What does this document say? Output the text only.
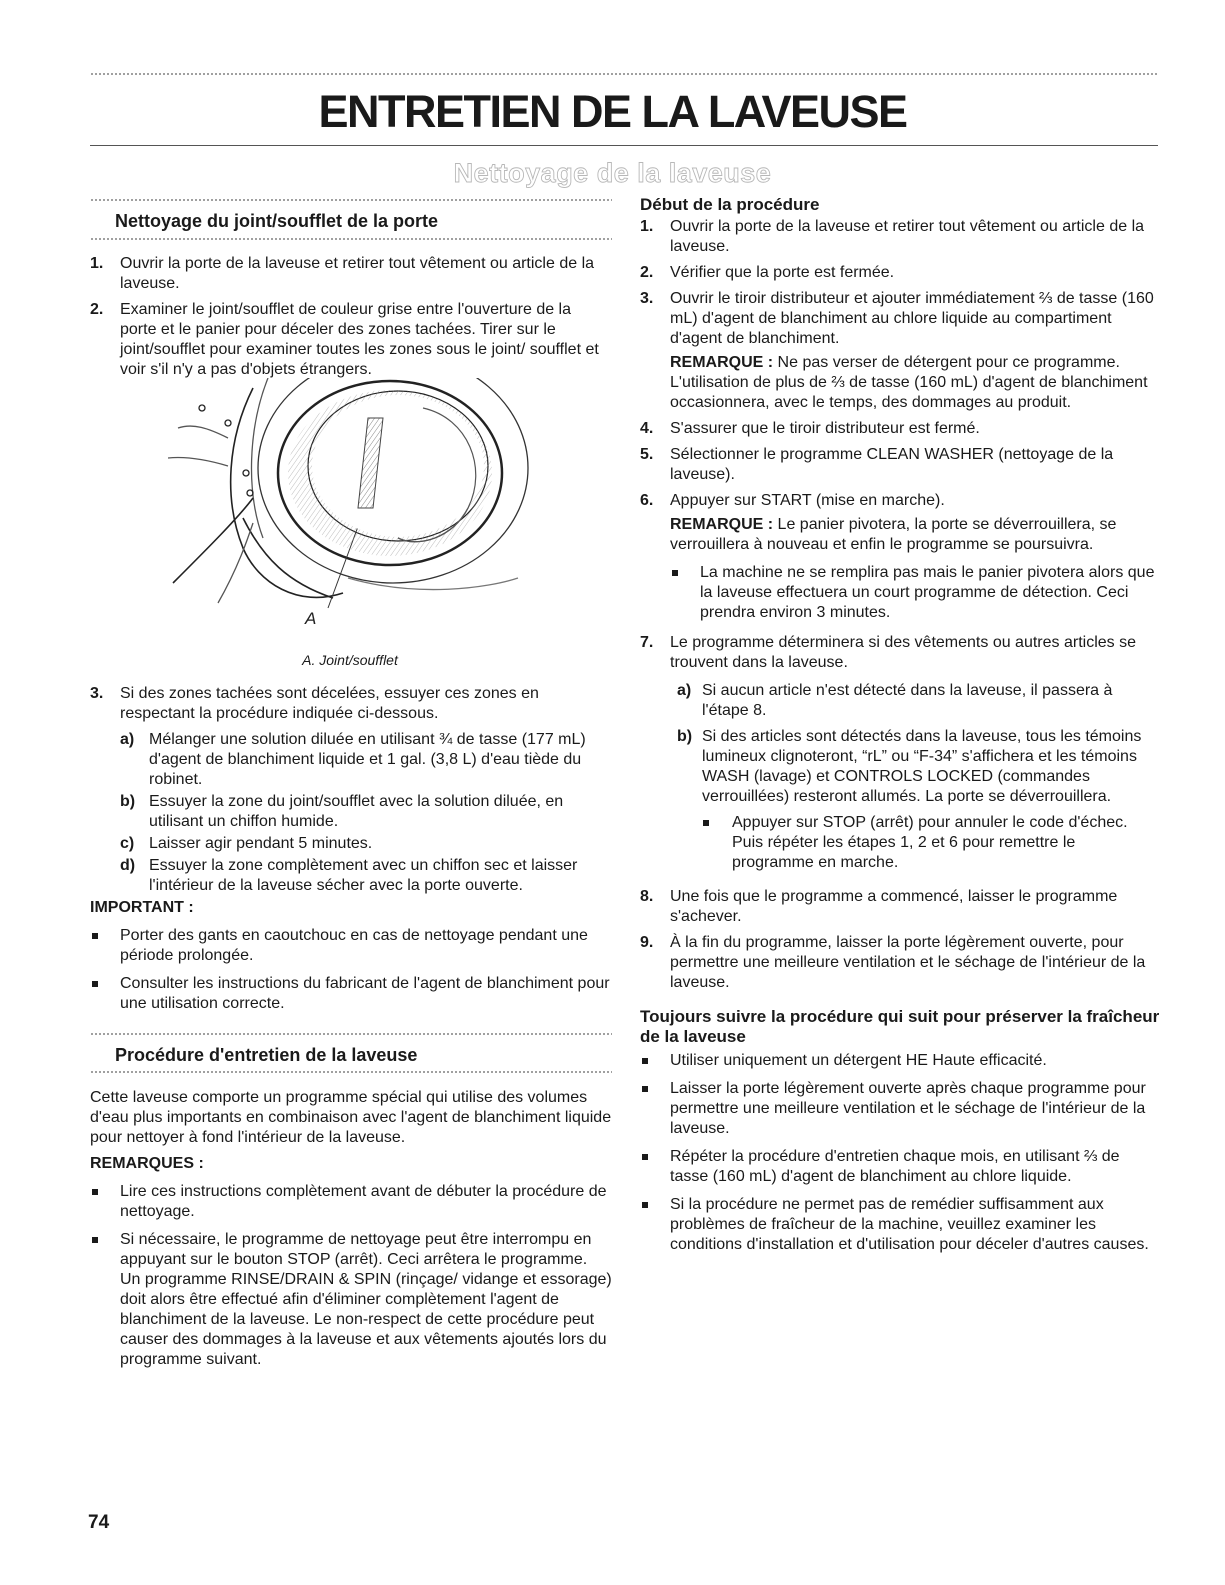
ENTRETIEN DE LA LAVEUSE
Nettoyage de la laveuse
Nettoyage du joint/soufflet de la porte
1. Ouvrir la porte de la laveuse et retirer tout vêtement ou article de la laveuse.

2. Examiner le joint/soufflet de couleur grise entre l'ouverture de la porte et le panier pour déceler des zones tachées. Tirer sur le joint/soufflet pour examiner toutes les zones sous le joint/ soufflet et voir s'il n'y a pas d'objets étrangers.

A
A. Joint/soufflet
3. Si des zones tachées sont décelées, essuyer ces zones en respectant la procédure indiquée ci-dessous.

a) Mélanger une solution diluée en utilisant ¾ de tasse (177 mL) d'agent de blanchiment liquide et 1 gal. (3,8 L) d'eau tiède du robinet.

b) Essuyer la zone du joint/soufflet avec la solution diluée, en utilisant un chiffon humide.

c) Laisser agir pendant 5 minutes.

d) Essuyer la zone complètement avec un chiffon sec et laisser l'intérieur de la laveuse sécher avec la porte ouverte.

IMPORTANT :

Porter des gants en caoutchouc en cas de nettoyage pendant une période prolongée.

Consulter les instructions du fabricant de l'agent de blanchiment pour une utilisation correcte.

Procédure d'entretien de la laveuse

Cette laveuse comporte un programme spécial qui utilise des volumes d'eau plus importants en combinaison avec l'agent de blanchiment liquide pour nettoyer à fond l'intérieur de la laveuse.

REMARQUES :

Lire ces instructions complètement avant de débuter la procédure de nettoyage.

Si nécessaire, le programme de nettoyage peut être interrompu en appuyant sur le bouton STOP (arrêt). Ceci arrêtera le programme. Un programme RINSE/DRAIN & SPIN (rinçage/ vidange et essorage) doit alors être effectué afin d'éliminer complètement l'agent de blanchiment de la laveuse. Le non-respect de cette procédure peut causer des dommages à la laveuse et aux vêtements ajoutés lors du programme suivant.

Début de la procédure

1. Ouvrir la porte de la laveuse et retirer tout vêtement ou article de la laveuse.

2. Vérifier que la porte est fermée.

3. Ouvrir le tiroir distributeur et ajouter immédiatement ⅔ de tasse (160 mL) d'agent de blanchiment au chlore liquide au compartiment d'agent de blanchiment.

REMARQUE : Ne pas verser de détergent pour ce programme. L'utilisation de plus de ⅔ de tasse (160 mL) d'agent de blanchiment occasionnera, avec le temps, des dommages au produit.

4. S'assurer que le tiroir distributeur est fermé.

5. Sélectionner le programme CLEAN WASHER (nettoyage de la laveuse).

6. Appuyer sur START (mise en marche).

REMARQUE : Le panier pivotera, la porte se déverrouillera, se verrouillera à nouveau et enfin le programme se poursuivra.

La machine ne se remplira pas mais le panier pivotera alors que la laveuse effectuera un court programme de détection. Ceci prendra environ 3 minutes.

7. Le programme déterminera si des vêtements ou autres articles se trouvent dans la laveuse.

a) Si aucun article n'est détecté dans la laveuse, il passera à l'étape 8.

b) Si des articles sont détectés dans la laveuse, tous les témoins lumineux clignoteront, “rL” ou “F-34” s'affichera et les témoins WASH (lavage) et CONTROLS LOCKED (commandes verrouillées) resteront allumés. La porte se déverrouillera.

Appuyer sur STOP (arrêt) pour annuler le code d'échec. Puis répéter les étapes 1, 2 et 6 pour remettre le programme en marche.

8. Une fois que le programme a commencé, laisser le programme s'achever.

9. À la fin du programme, laisser la porte légèrement ouverte, pour permettre une meilleure ventilation et le séchage de l'intérieur de la laveuse.

Toujours suivre la procédure qui suit pour préserver la fraîcheur de la laveuse

Utiliser uniquement un détergent HE Haute efficacité.

Laisser la porte légèrement ouverte après chaque programme pour permettre une meilleure ventilation et le séchage de l'intérieur de la laveuse.

Répéter la procédure d'entretien chaque mois, en utilisant ⅔ de tasse (160 mL) d'agent de blanchiment au chlore liquide.

Si la procédure ne permet pas de remédier suffisamment aux problèmes de fraîcheur de la machine, veuillez examiner les conditions d'installation et d'utilisation pour déceler d'autres causes.

74
